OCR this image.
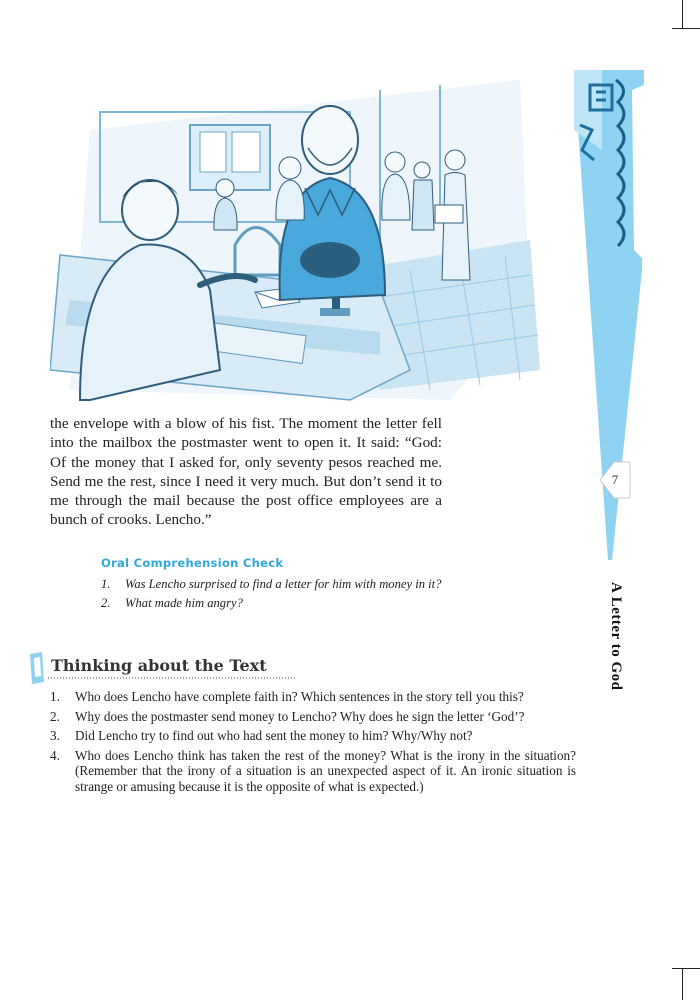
the envelope with a blow of his fist. The moment the letter fell into the mailbox the postmaster went to open it. It said: “God: Of the money that I asked for, only seventy pesos reached me. Send me the rest, since I need it very much. But don’t send it to me through the mail because the post office employees are a bunch of crooks. Lencho.”

Oral Comprehension Check

1.	Was Lencho surprised to find a letter for him with money in it?
2.	What made him angry?

Thinking about the Text

1.	Who does Lencho have complete faith in? Which sentences in the story tell you this?
2.	Why does the postmaster send money to Lencho? Why does he sign the letter ‘God’?
3.	Did Lencho try to find out who had sent the money to him? Why/Why not?
4.	Who does Lencho think has taken the rest of the money? What is the irony in the situation? (Remember that the irony of a situation is an unexpected aspect of it. An ironic situation is strange or amusing because it is the opposite of what is expected.)
7
A Letter to God
